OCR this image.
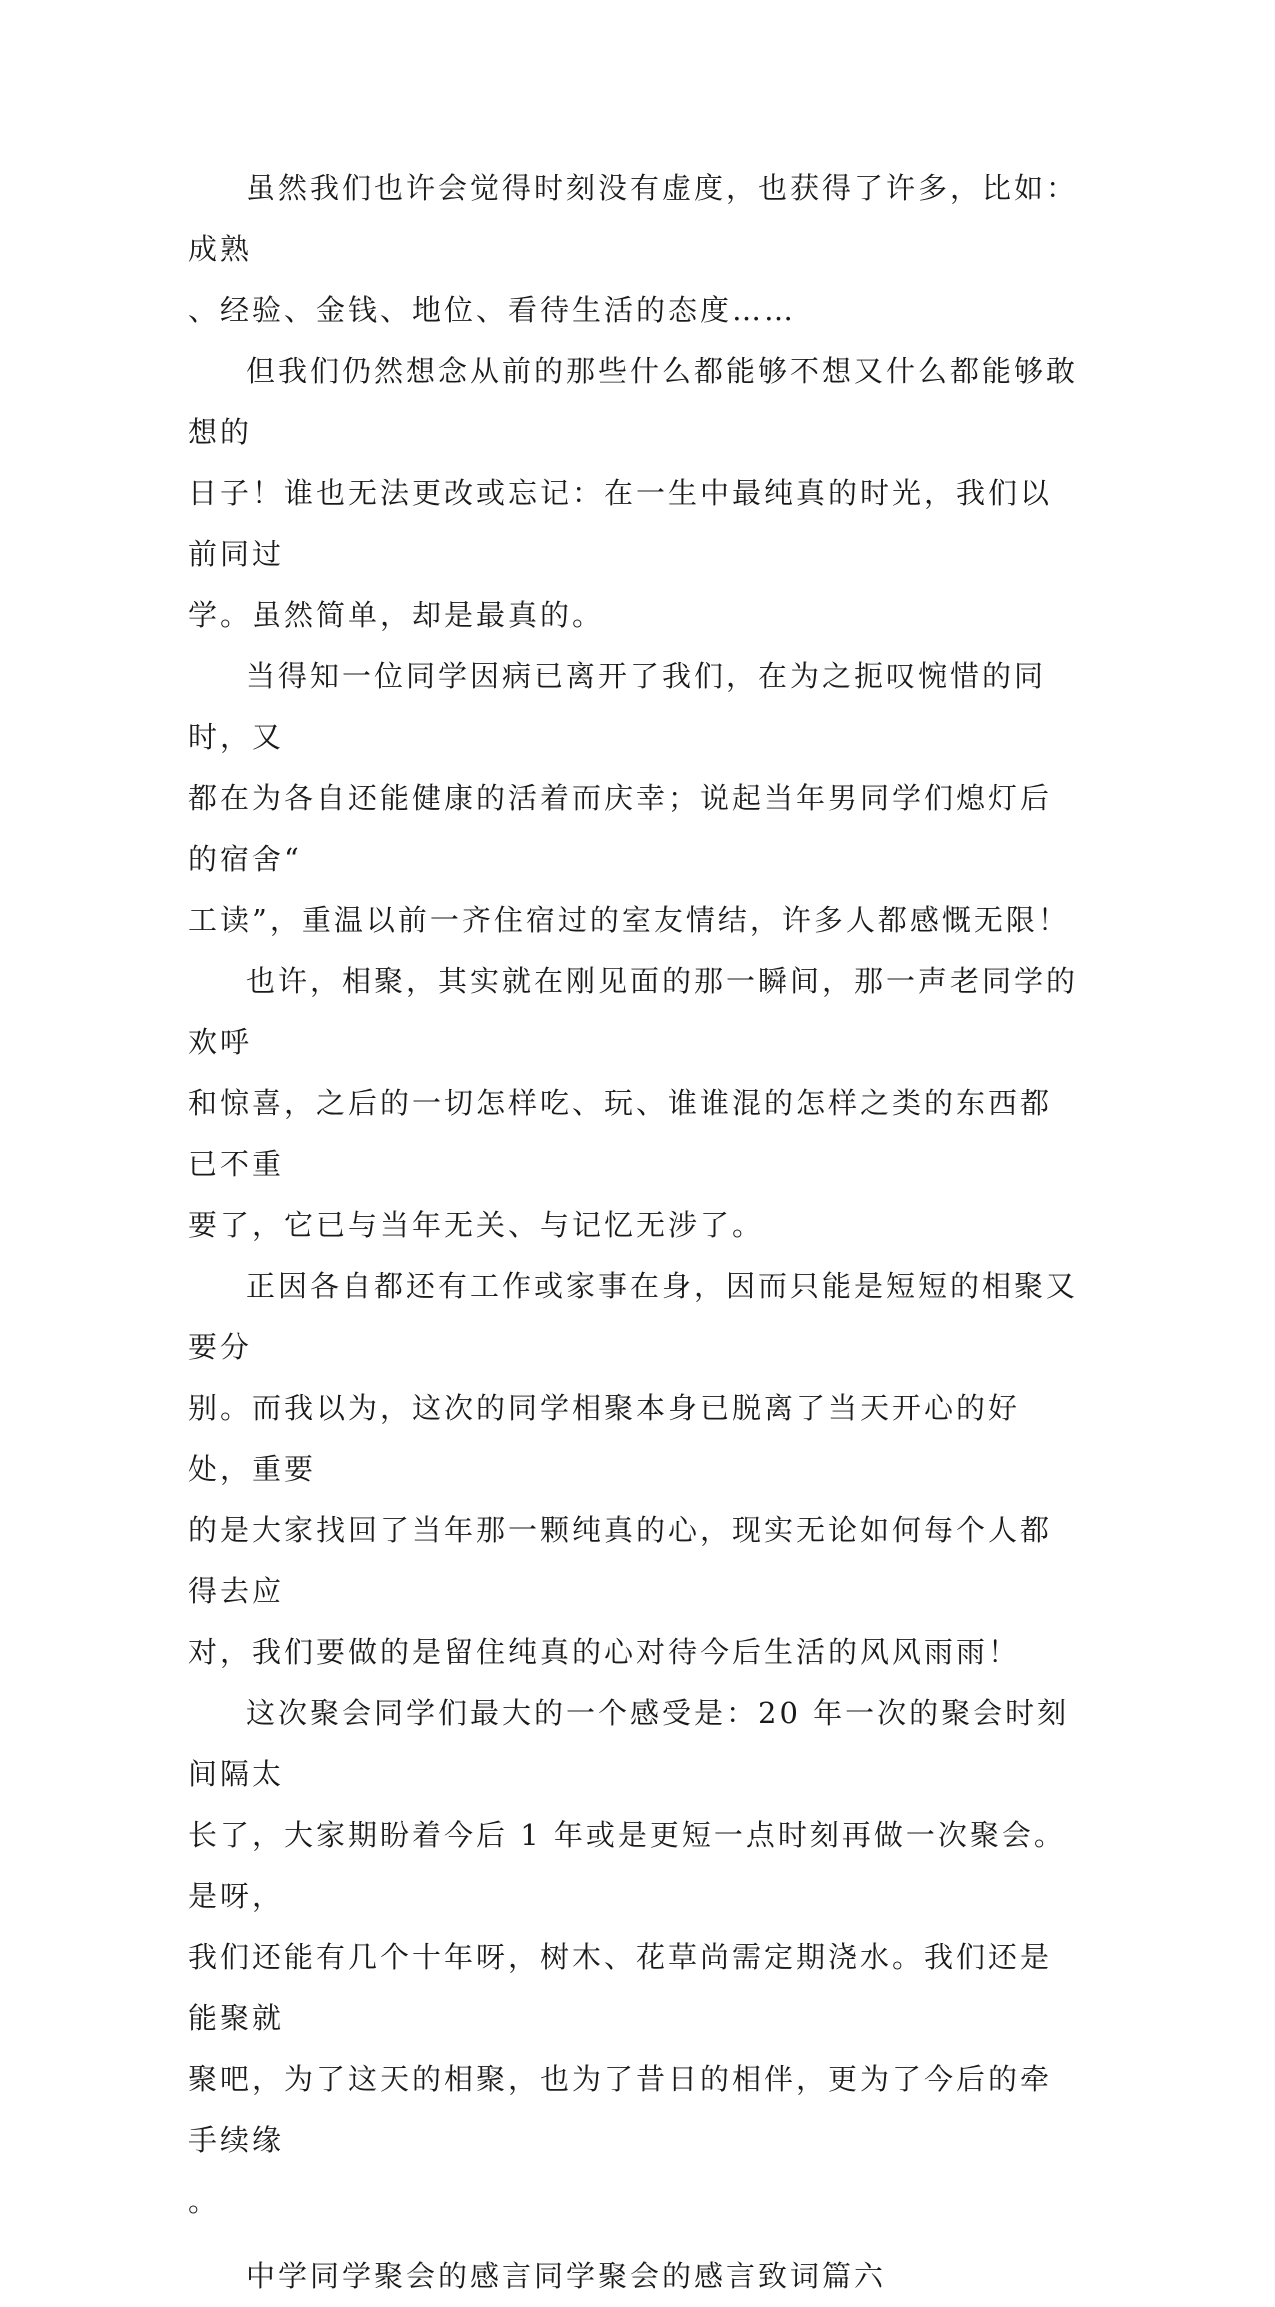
虽然我们也许会觉得时刻没有虚度，也获得了许多，比如：成熟
、经验、金钱、地位、看待生活的态度……

但我们仍然想念从前的那些什么都能够不想又什么都能够敢想的
日子！谁也无法更改或忘记：在一生中最纯真的时光，我们以前同过
学。虽然简单，却是最真的。

当得知一位同学因病已离开了我们，在为之扼叹惋惜的同时，又
都在为各自还能健康的活着而庆幸；说起当年男同学们熄灯后的宿舍“
工读”，重温以前一齐住宿过的室友情结，许多人都感慨无限！

也许，相聚，其实就在刚见面的那一瞬间，那一声老同学的欢呼
和惊喜，之后的一切怎样吃、玩、谁谁混的怎样之类的东西都已不重
要了，它已与当年无关、与记忆无涉了。

正因各自都还有工作或家事在身，因而只能是短短的相聚又要分
别。而我以为，这次的同学相聚本身已脱离了当天开心的好处，重要
的是大家找回了当年那一颗纯真的心，现实无论如何每个人都得去应
对，我们要做的是留住纯真的心对待今后生活的风风雨雨！

这次聚会同学们最大的一个感受是：20 年一次的聚会时刻间隔太
长了，大家期盼着今后 1 年或是更短一点时刻再做一次聚会。是呀，
我们还能有几个十年呀，树木、花草尚需定期浇水。我们还是能聚就
聚吧，为了这天的相聚，也为了昔日的相伴，更为了今后的牵手续缘
。

中学同学聚会的感言同学聚会的感言致词篇六
